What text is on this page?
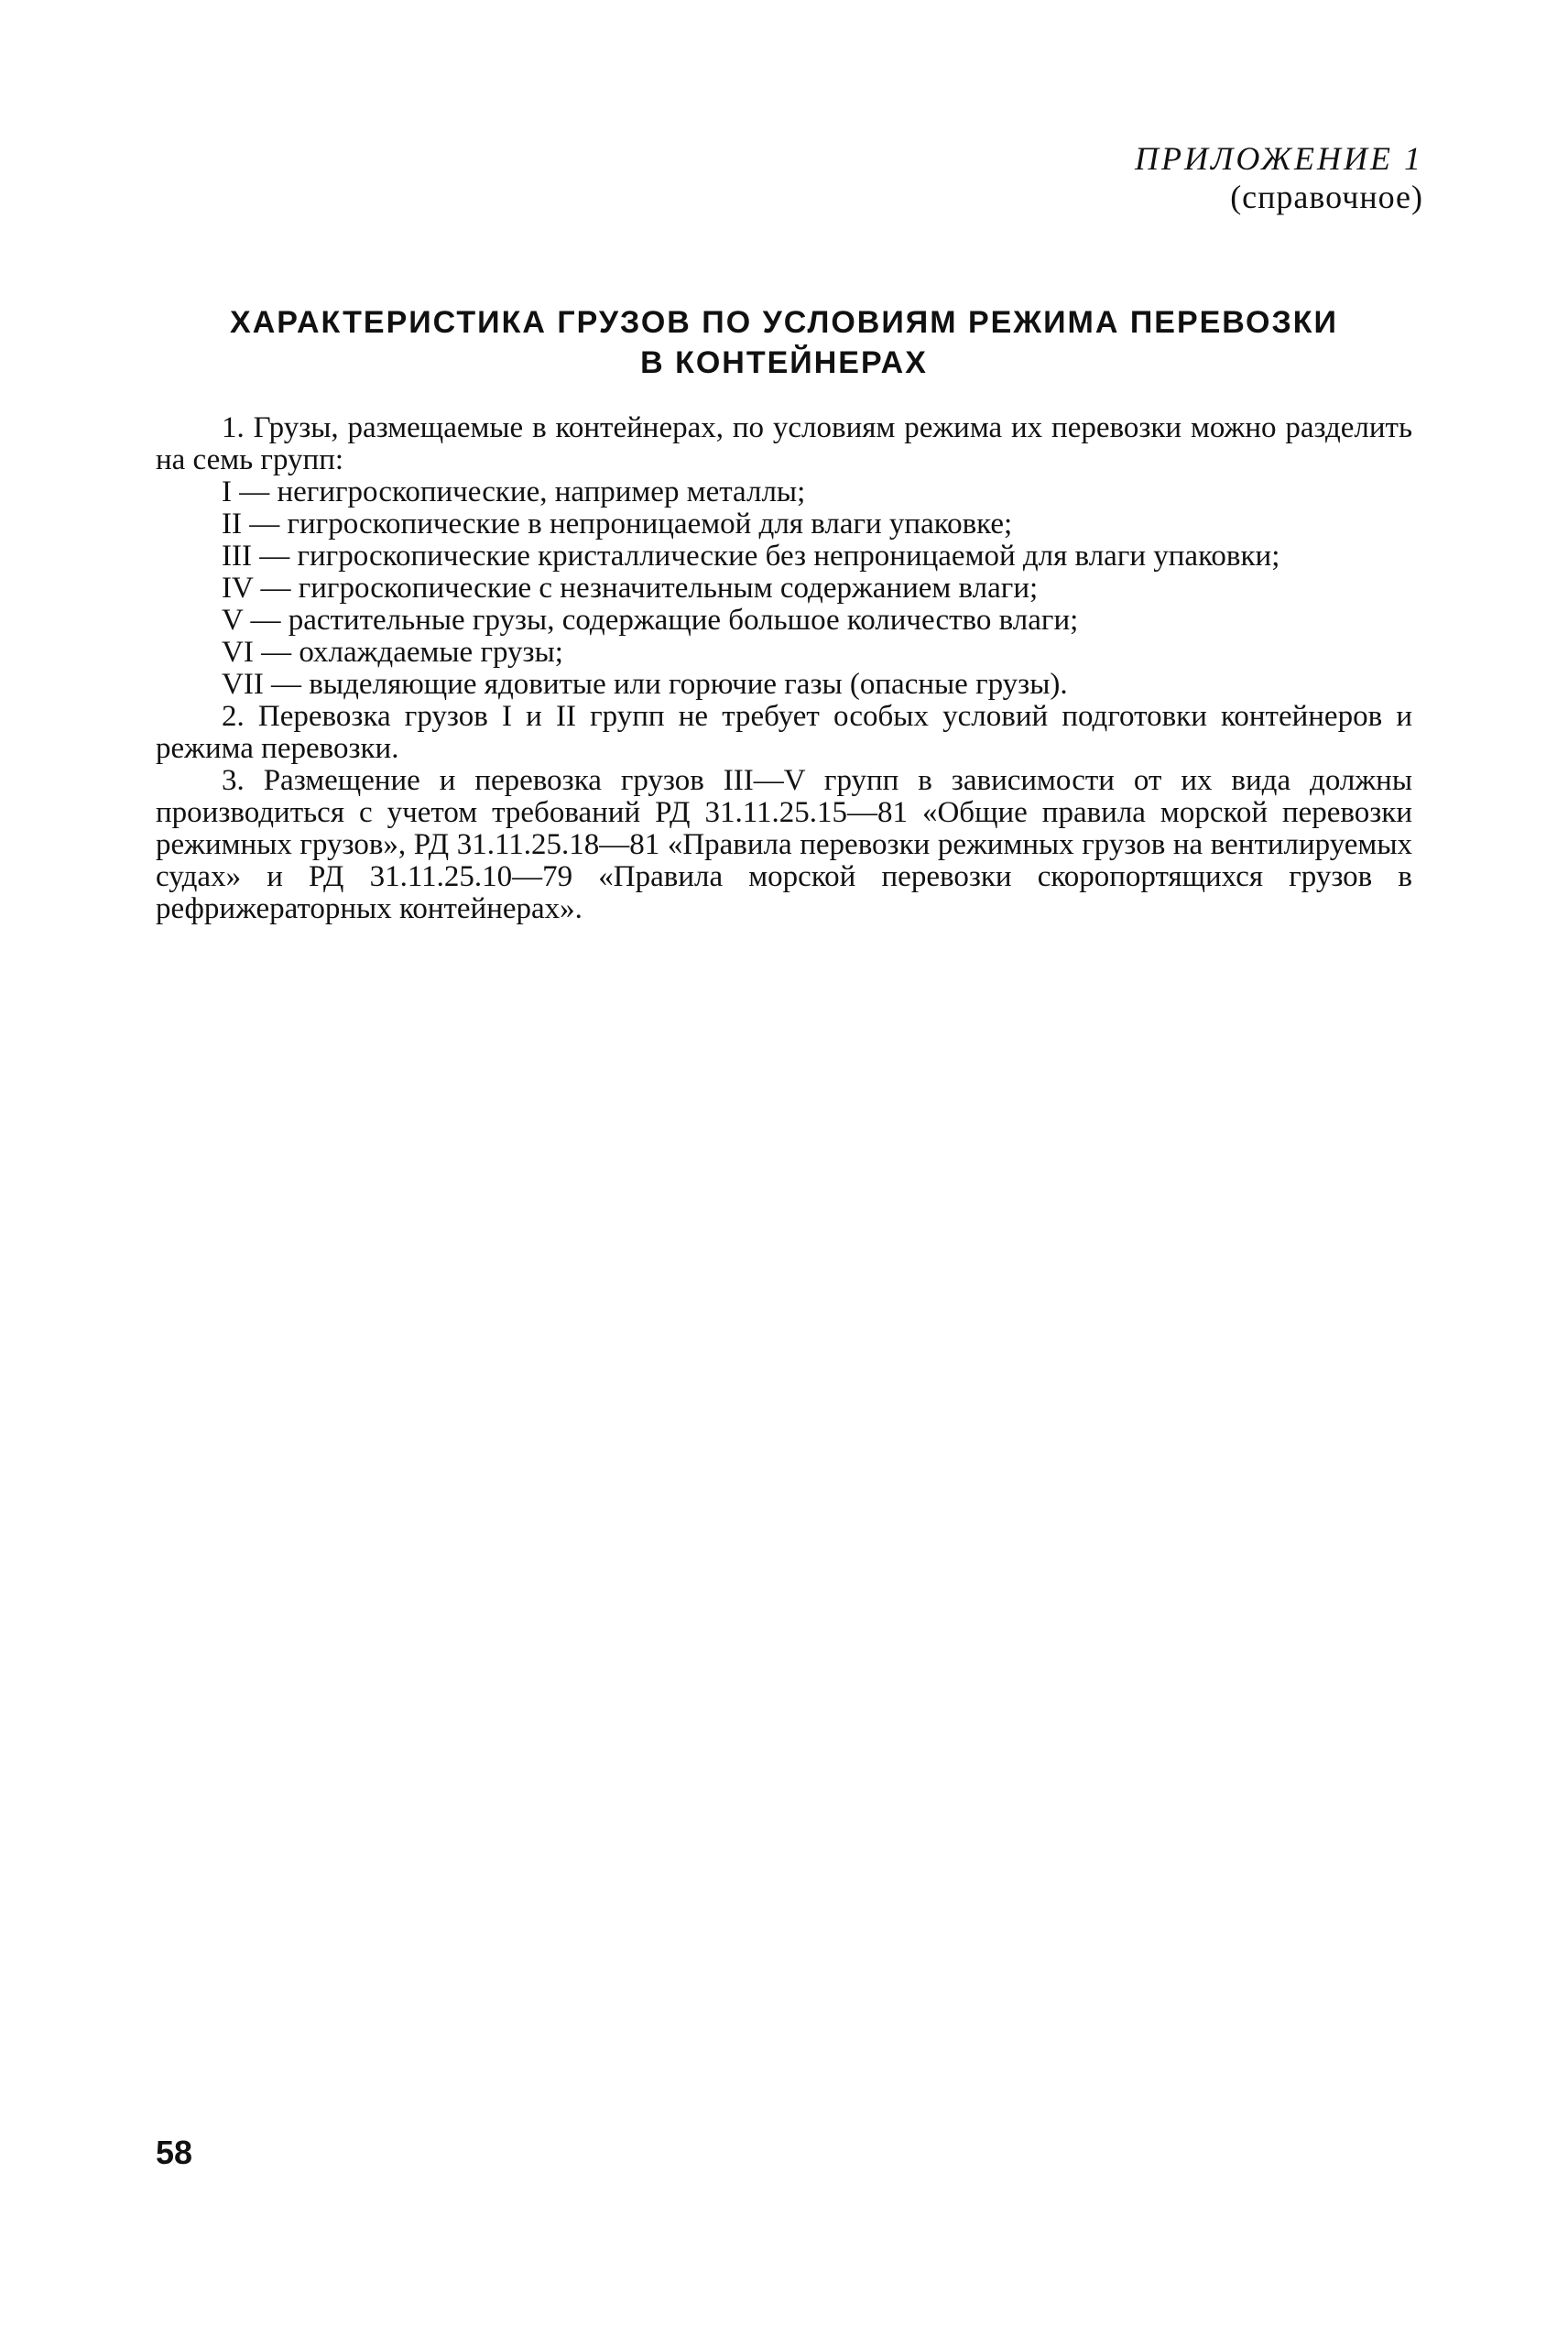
ПРИЛОЖЕНИЕ 1
(справочное)
ХАРАКТЕРИСТИКА ГРУЗОВ ПО УСЛОВИЯМ РЕЖИМА ПЕРЕВОЗКИ
В КОНТЕЙНЕРАХ

1. Грузы, размещаемые в контейнерах, по условиям режима их перевозки можно разделить на семь групп:

I — негигроскопические, например металлы;

II — гигроскопические в непроницаемой для влаги упаковке;

III — гигроскопические кристаллические без непроницаемой для влаги упаковки;

IV — гигроскопические с незначительным содержанием влаги;

V — растительные грузы, содержащие большое количество влаги;

VI — охлаждаемые грузы;

VII — выделяющие ядовитые или горючие газы (опасные грузы).

2. Перевозка грузов I и II групп не требует особых условий подготовки контейнеров и режима перевозки.

3. Размещение и перевозка грузов III—V групп в зависимости от их вида должны производиться с учетом требований РД 31.11.25.15—81 «Общие правила морской перевозки режимных грузов», РД 31.11.25.18—81 «Правила перевозки режимных грузов на вентилируемых судах» и РД 31.11.25.10—79 «Правила морской перевозки скоропортящихся грузов в рефрижераторных контейнерах».

58
